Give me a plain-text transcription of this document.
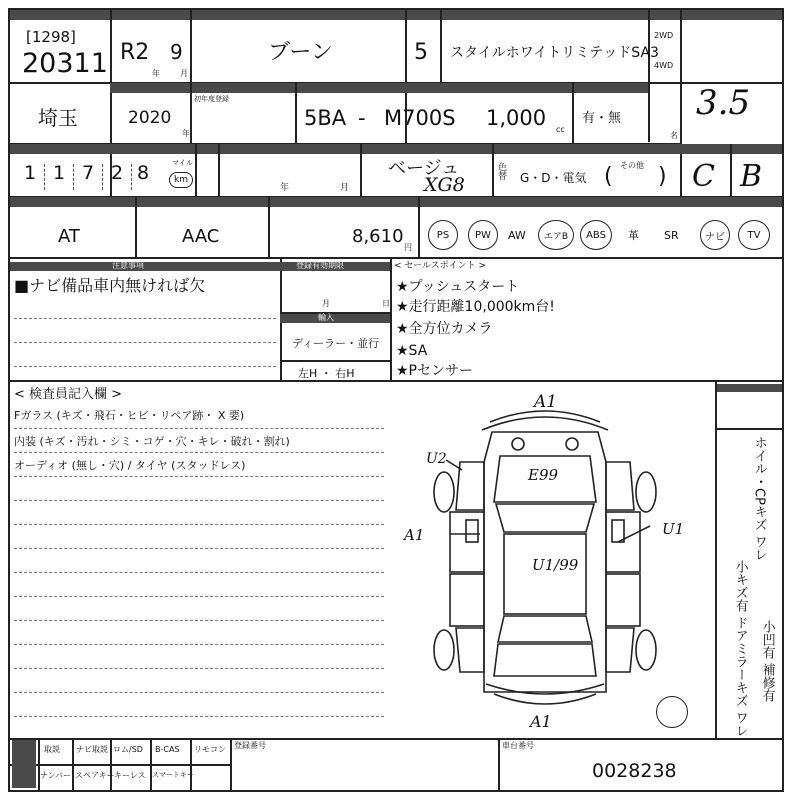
[1298]
20311 R2 9
年	月
ブーン	5 スタイルホワイトリミテッドSA3
2WD
4WD
3.5
埼玉	2020
年
初年度登録
5BA - M700S 1,000 cc
有・無
名
1 1 7 2 8	マイル
km
年	月
ベージュ
XG8
色替 G・D・電気
その他
( ) C B
AT	AAC	8,610
円
PS	PW	AW	エアB	ABS	革 SR	ナビ	TV
注意事項	登録有効期限
■ナビ備品車内無ければ欠
月	日
輸入
ディーラー・並行
左H ・ 右H
< セールスポイント >
★プッシュスタート
★走行距離10,000km台!
★全方位カメラ
★SA
★Pセンサー
< 検査員記入欄 >
Fガラス (キズ・飛石・ヒビ・リペア跡・ X 要)
内装 (キズ・汚れ・シミ・コゲ・穴・キレ・破れ・割れ)
オーディオ (無し・穴) / タイヤ (スタッドレス)	ホイル・CPキズ ワレ
小キズ有 ドアミラーキズ ワレ 小凹有 補修有
A1
E99
U2
A1	U1
U1/99
A1
取説 ナビ取説 ロム/SD B-CAS リモコン
ナンバー スペアキー キーレス スマートキー
登録番号	車台番号
0028238
